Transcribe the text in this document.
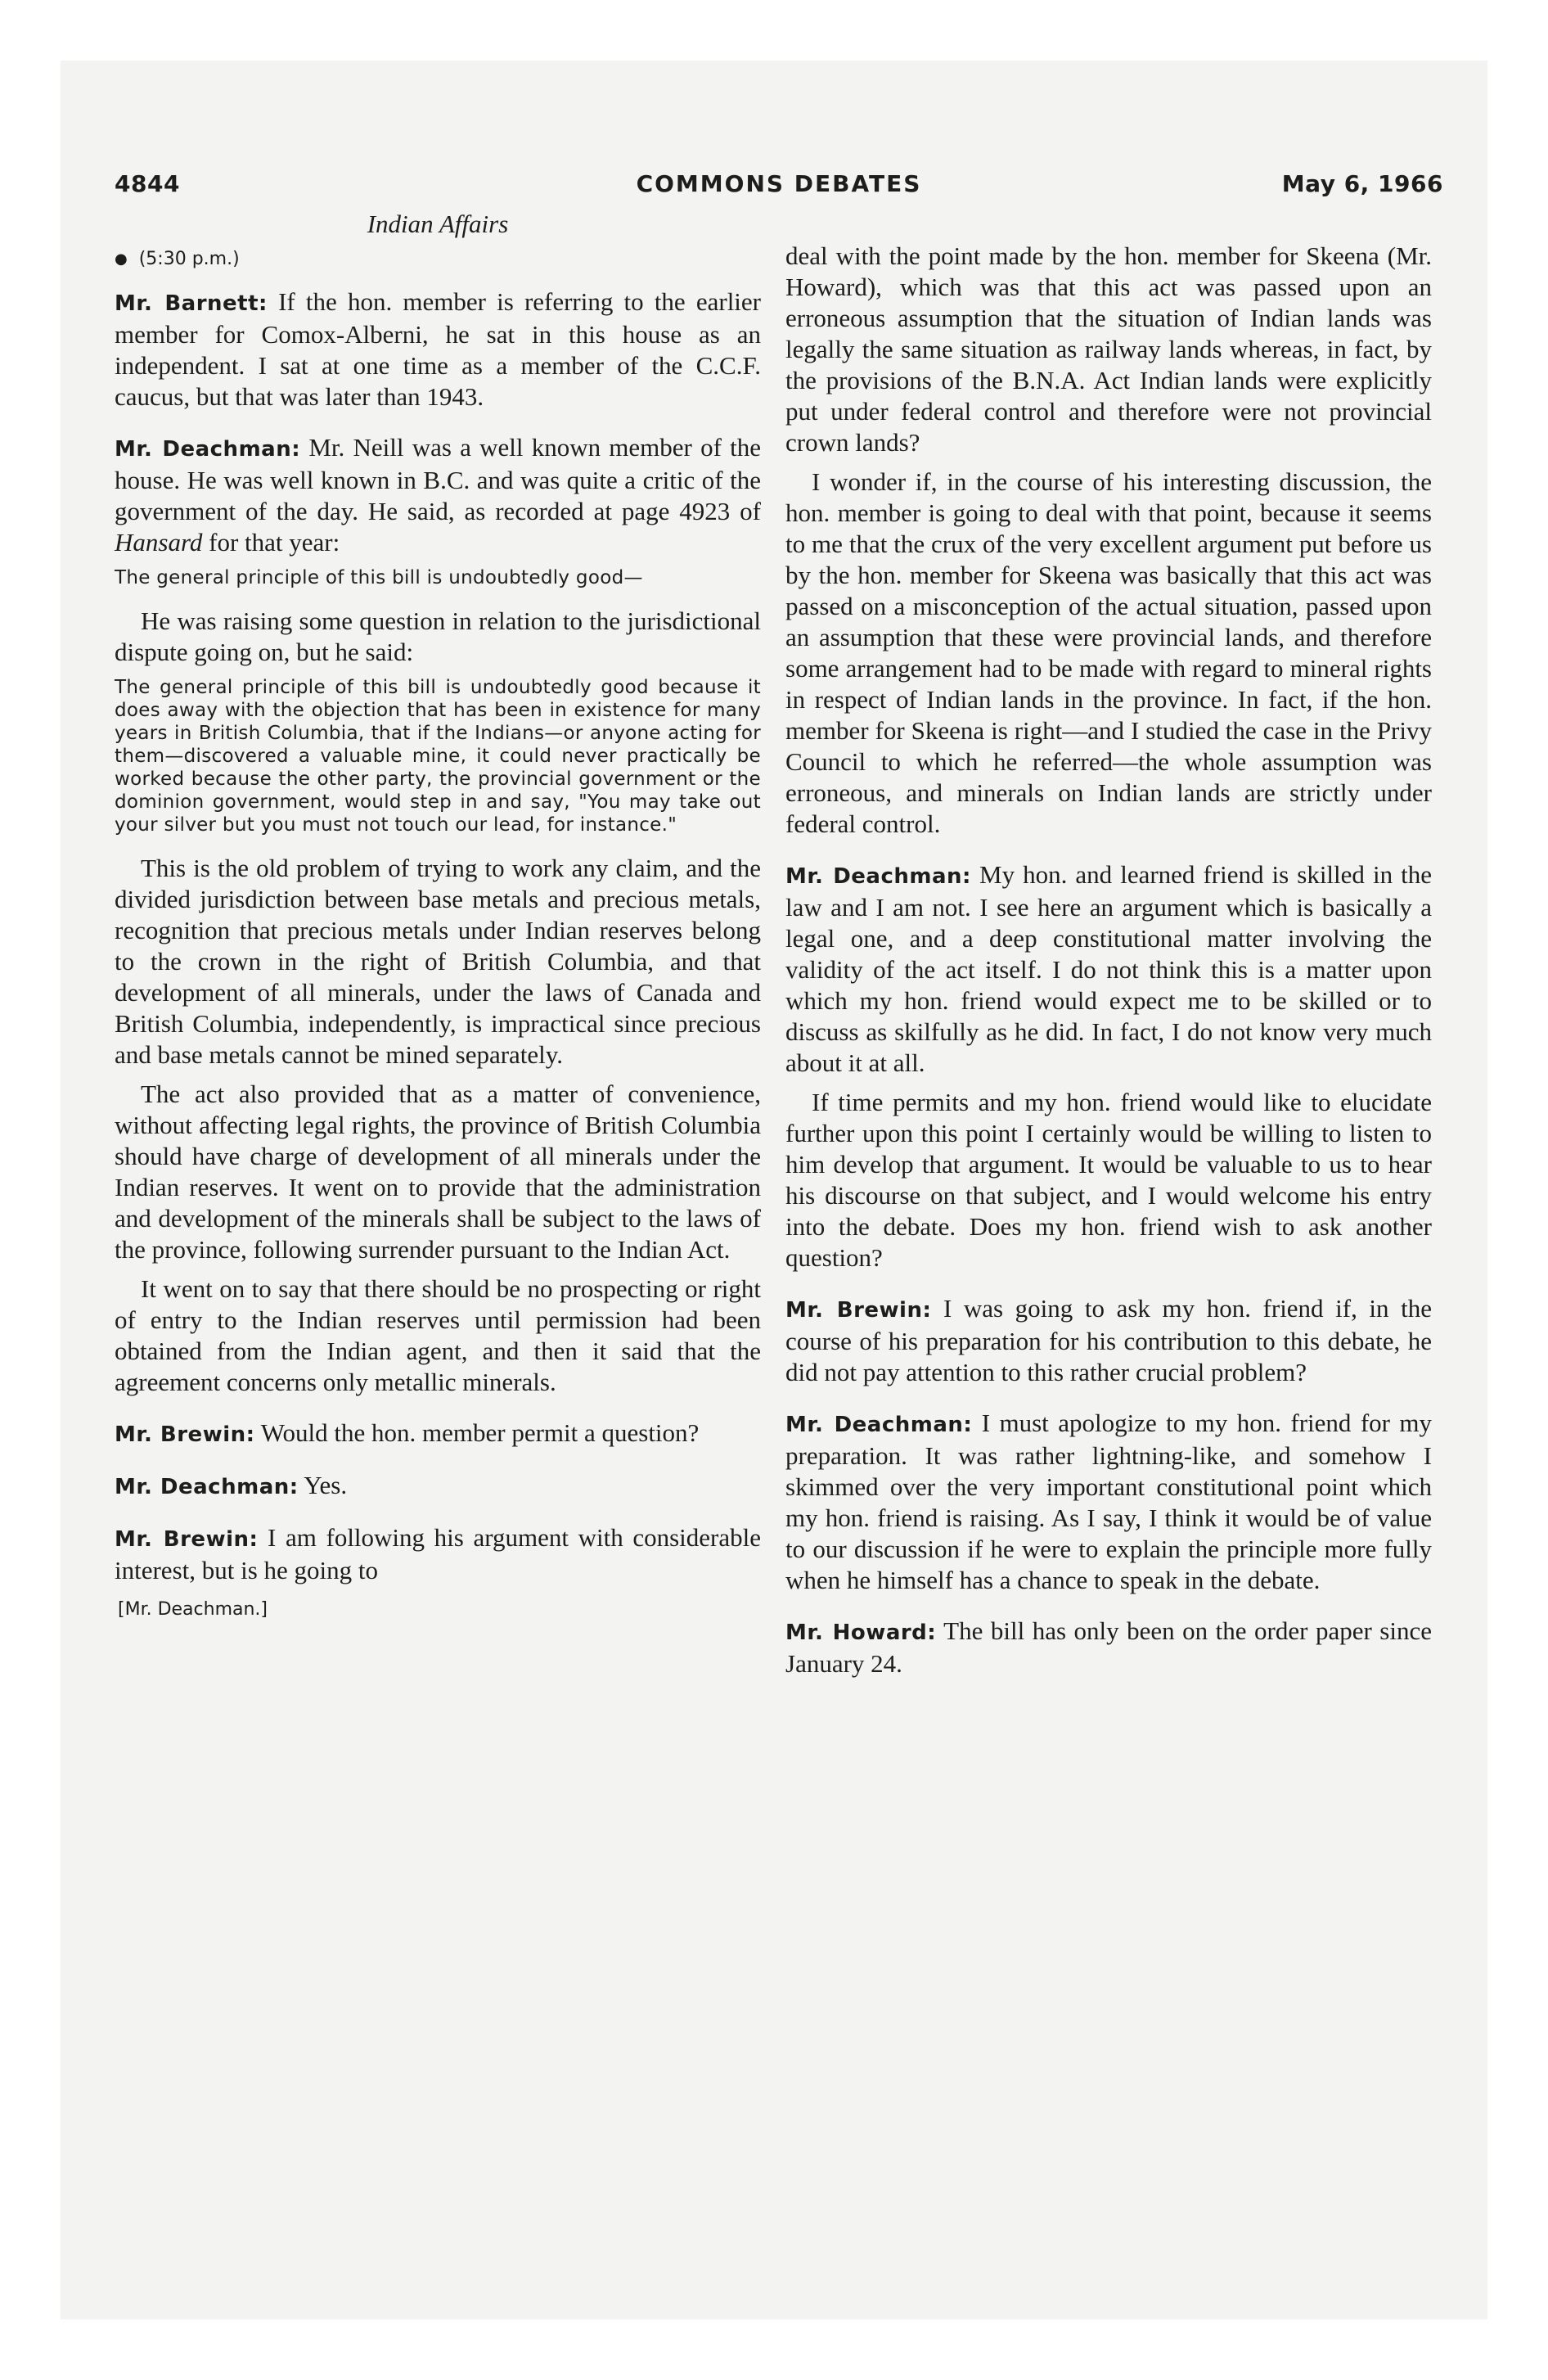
4844	COMMONS DEBATES	May 6, 1966
Indian Affairs
● (5:30 p.m.)

Mr. Barnett: If the hon. member is referring to the earlier member for Comox-Alberni, he sat in this house as an independent. I sat at one time as a member of the C.C.F. caucus, but that was later than 1943.

Mr. Deachman: Mr. Neill was a well known member of the house. He was well known in B.C. and was quite a critic of the government of the day. He said, as recorded at page 4923 of Hansard for that year:

The general principle of this bill is undoubtedly good—

He was raising some question in relation to the jurisdictional dispute going on, but he said:

The general principle of this bill is undoubtedly good because it does away with the objection that has been in existence for many years in British Columbia, that if the Indians—or anyone acting for them—discovered a valuable mine, it could never practically be worked because the other party, the provincial government or the dominion government, would step in and say, "You may take out your silver but you must not touch our lead, for instance."

This is the old problem of trying to work any claim, and the divided jurisdiction between base metals and precious metals, recognition that precious metals under Indian reserves belong to the crown in the right of British Columbia, and that development of all minerals, under the laws of Canada and British Columbia, independently, is impractical since precious and base metals cannot be mined separately.

The act also provided that as a matter of convenience, without affecting legal rights, the province of British Columbia should have charge of development of all minerals under the Indian reserves. It went on to provide that the administration and development of the minerals shall be subject to the laws of the province, following surrender pursuant to the Indian Act.

It went on to say that there should be no prospecting or right of entry to the Indian reserves until permission had been obtained from the Indian agent, and then it said that the agreement concerns only metallic minerals.

Mr. Brewin: Would the hon. member permit a question?

Mr. Deachman: Yes.

Mr. Brewin: I am following his argument with considerable interest, but is he going to

[Mr. Deachman.]

deal with the point made by the hon. member for Skeena (Mr. Howard), which was that this act was passed upon an erroneous assumption that the situation of Indian lands was legally the same situation as railway lands whereas, in fact, by the provisions of the B.N.A. Act Indian lands were explicitly put under federal control and therefore were not provincial crown lands?

I wonder if, in the course of his interesting discussion, the hon. member is going to deal with that point, because it seems to me that the crux of the very excellent argument put before us by the hon. member for Skeena was basically that this act was passed on a misconception of the actual situation, passed upon an assumption that these were provincial lands, and therefore some arrangement had to be made with regard to mineral rights in respect of Indian lands in the province. In fact, if the hon. member for Skeena is right—and I studied the case in the Privy Council to which he referred—the whole assumption was erroneous, and minerals on Indian lands are strictly under federal control.

Mr. Deachman: My hon. and learned friend is skilled in the law and I am not. I see here an argument which is basically a legal one, and a deep constitutional matter involving the validity of the act itself. I do not think this is a matter upon which my hon. friend would expect me to be skilled or to discuss as skilfully as he did. In fact, I do not know very much about it at all.

If time permits and my hon. friend would like to elucidate further upon this point I certainly would be willing to listen to him develop that argument. It would be valuable to us to hear his discourse on that subject, and I would welcome his entry into the debate. Does my hon. friend wish to ask another question?

Mr. Brewin: I was going to ask my hon. friend if, in the course of his preparation for his contribution to this debate, he did not pay attention to this rather crucial problem?

Mr. Deachman: I must apologize to my hon. friend for my preparation. It was rather lightning-like, and somehow I skimmed over the very important constitutional point which my hon. friend is raising. As I say, I think it would be of value to our discussion if he were to explain the principle more fully when he himself has a chance to speak in the debate.

Mr. Howard: The bill has only been on the order paper since January 24.
